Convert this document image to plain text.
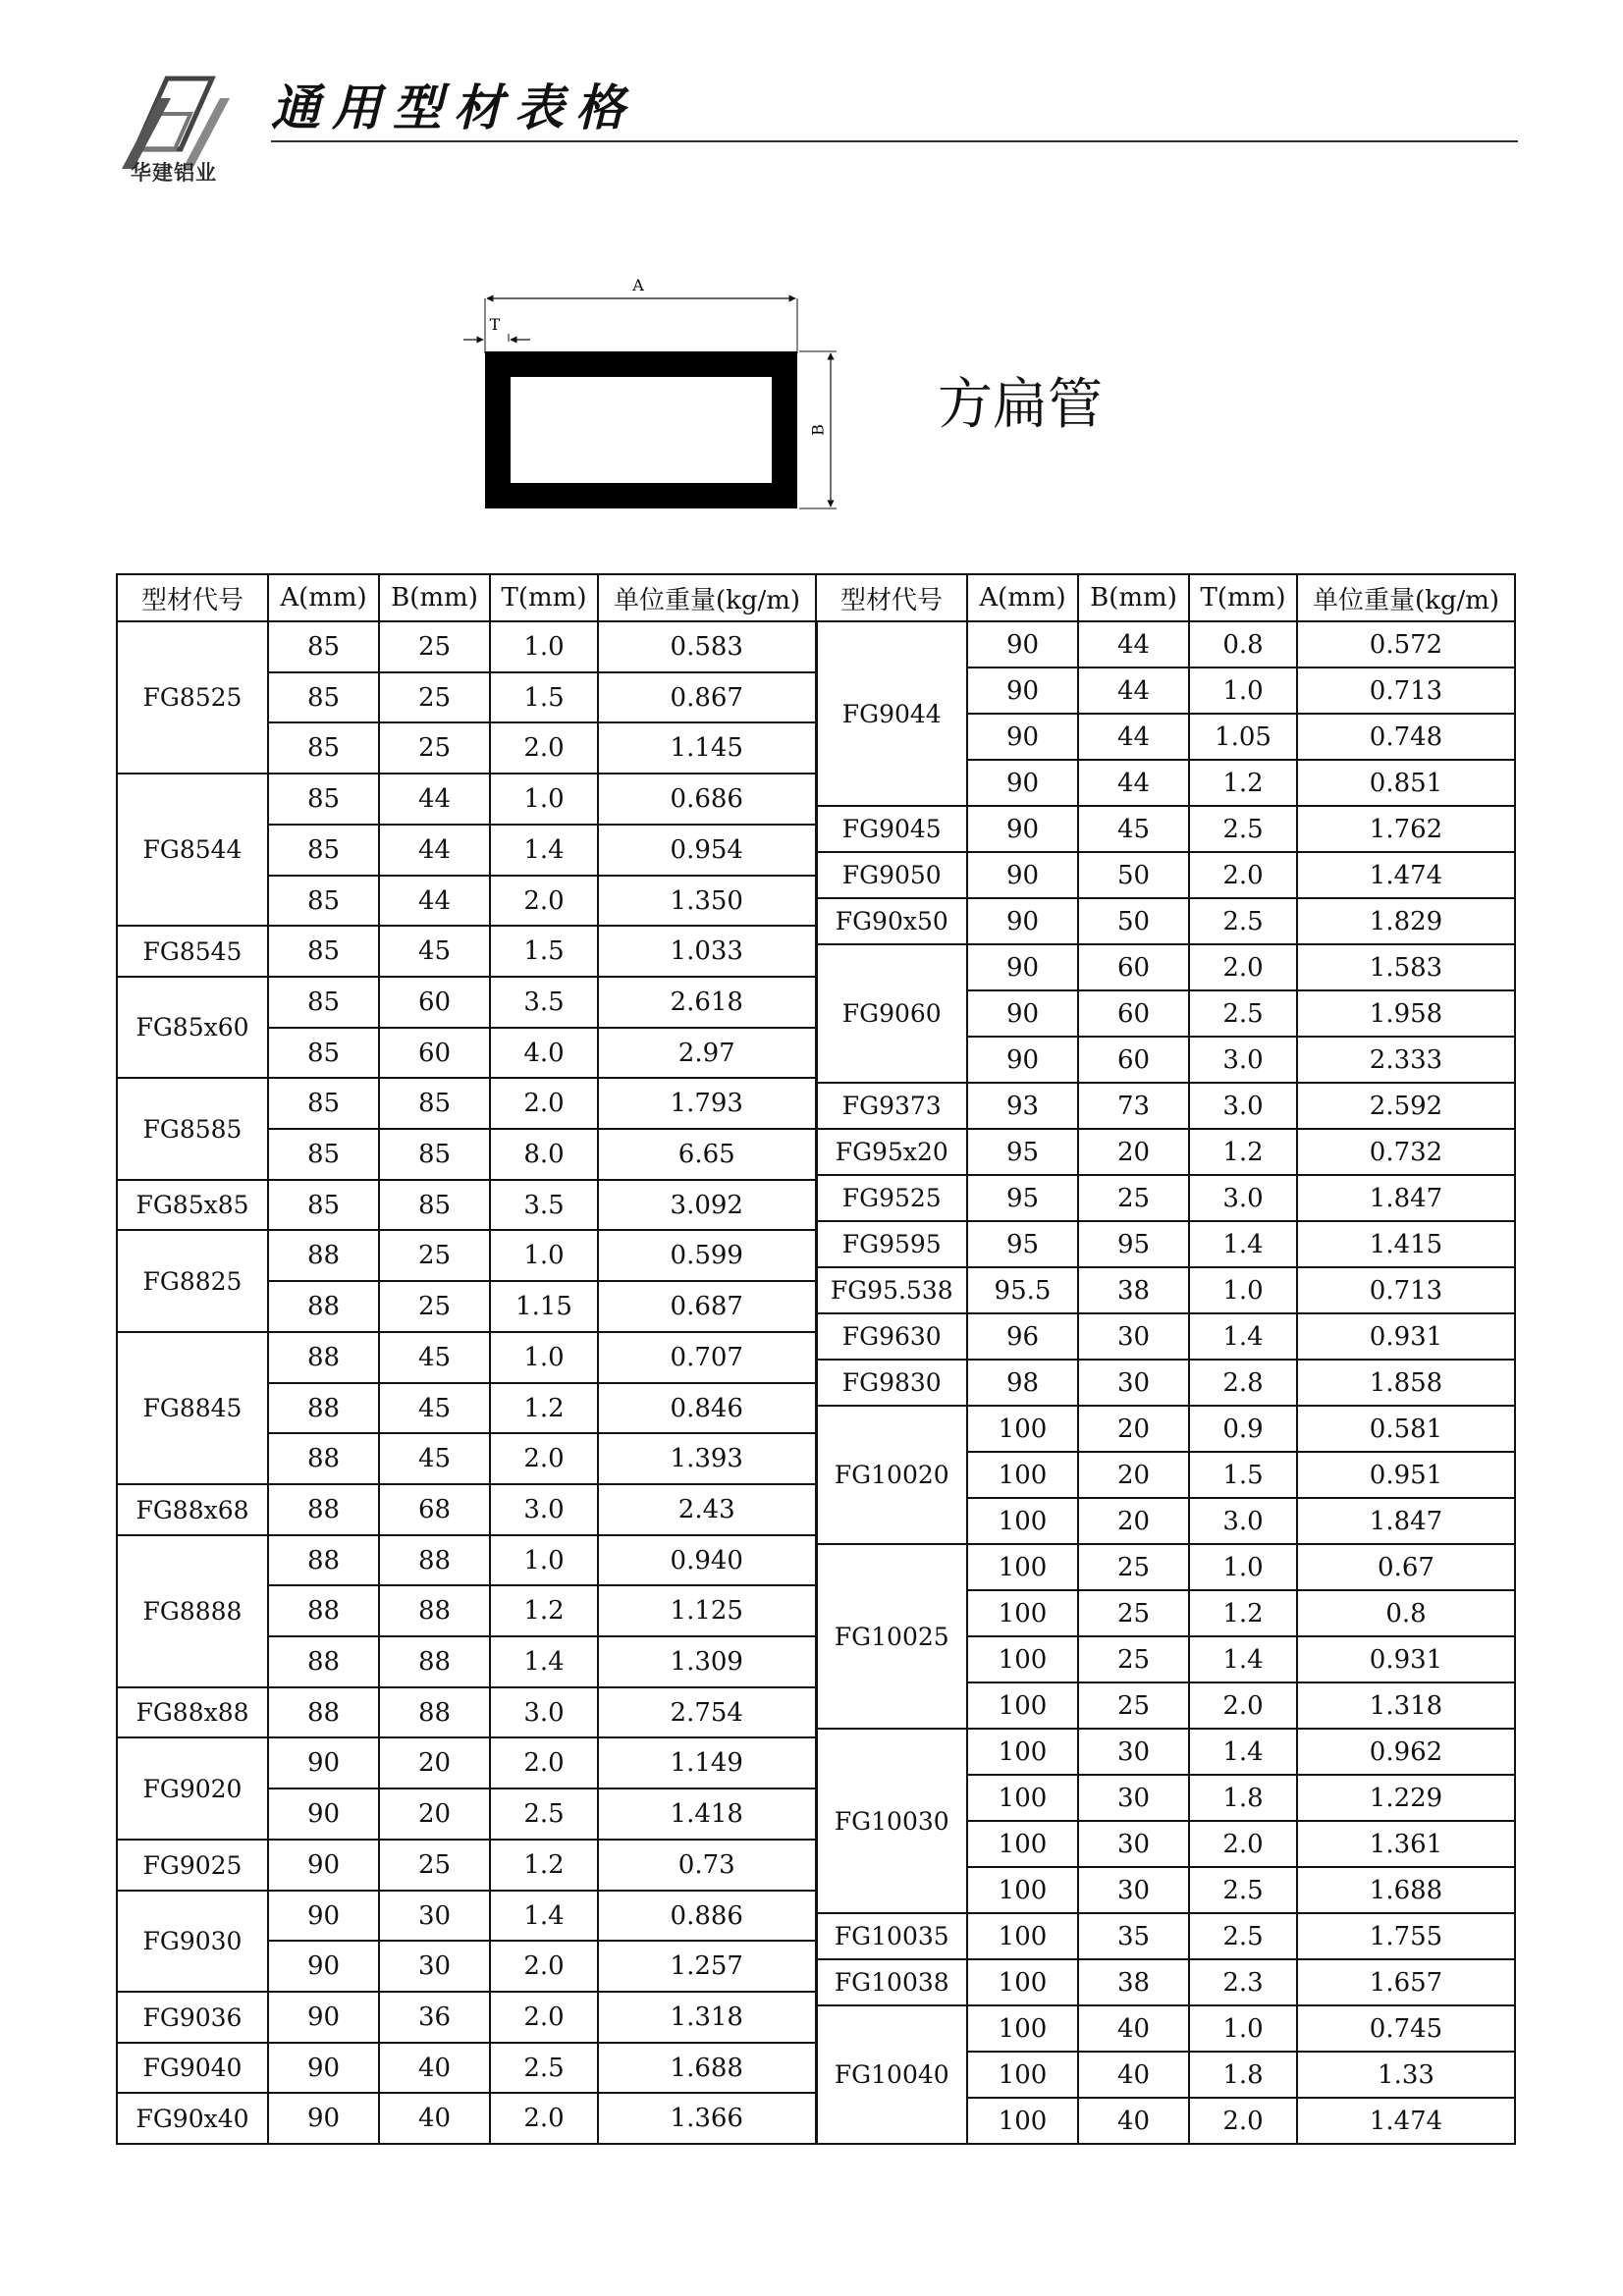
华建铝业
通用型材表格
A
T
B 方扁管
型材代号	A(mm)	B(mm)	T(mm)	单位重量(kg/m)	型材代号	A(mm)	B(mm)	T(mm)	单位重量(kg/m)
FG8525	85	25	1.0	0.583	FG9044	90	44	0.8	0.572
						90	44	1.0	0.713
	85	25	1.5	0.867					
						90	44	1.05	0.748
	85	25	2.0	1.145					
						90	44	1.2	0.851
FG8544	85	44	1.0	0.686					
					FG9045	90	45	2.5	1.762
	85	44	1.4	0.954					
					FG9050	90	50	2.0	1.474
	85	44	2.0	1.350					
					FG90x50	90	50	2.5	1.829
FG8545	85	45	1.5	1.033					
					FG9060	90	60	2.0	1.583
FG85x60	85	60	3.5	2.618					
						90	60	2.5	1.958
	85	60	4.0	2.97					
						90	60	3.0	2.333
FG8585	85	85	2.0	1.793					
					FG9373	93	73	3.0	2.592
	85	85	8.0	6.65	FG95x20	95	20	1.2	0.732
					FG9525	95	25	3.0	1.847
FG85x85	85	85	3.5	3.092					
					FG9595	95	95	1.4	1.415
FG8825	88	25	1.0	0.599					
					FG95.538	95.5	38	1.0	0.713
	88	25	1.15	0.687					
					FG9630	96	30	1.4	0.931
FG8845	88	45	1.0	0.707					
					FG9830	98	30	2.8	1.858
	88	45	1.2	0.846					
					FG10020	100	20	0.9	0.581
	88	45	2.0	1.393					
						100	20	1.5	0.951
FG88x68	88	68	3.0	2.43					
						100	20	3.0	1.847
FG8888	88	88	1.0	0.940					
					FG10025	100	25	1.0	0.67
	88	88	1.2	1.125					
						100	25	1.2	0.8
	88	88	1.4	1.309		100	25	1.4	0.931
						100	25	2.0	1.318
FG88x88	88	88	3.0	2.754					
					FG10030	100	30	1.4	0.962
FG9020	90	20	2.0	1.149					
						100	30	1.8	1.229
	90	20	2.5	1.418					
						100	30	2.0	1.361
FG9025	90	25	1.2	0.73					
						100	30	2.5	1.688
FG9030	90	30	1.4	0.886					
					FG10035	100	35	2.5	1.755
	90	30	2.0	1.257					
					FG10038	100	38	2.3	1.657
FG9036	90	36	2.0	1.318					
					FG10040	100	40	1.0	0.745
FG9040	90	40	2.5	1.688					
						100	40	1.8	1.33
FG90x40	90	40	2.0	1.366					
						100	40	2.0	1.474
